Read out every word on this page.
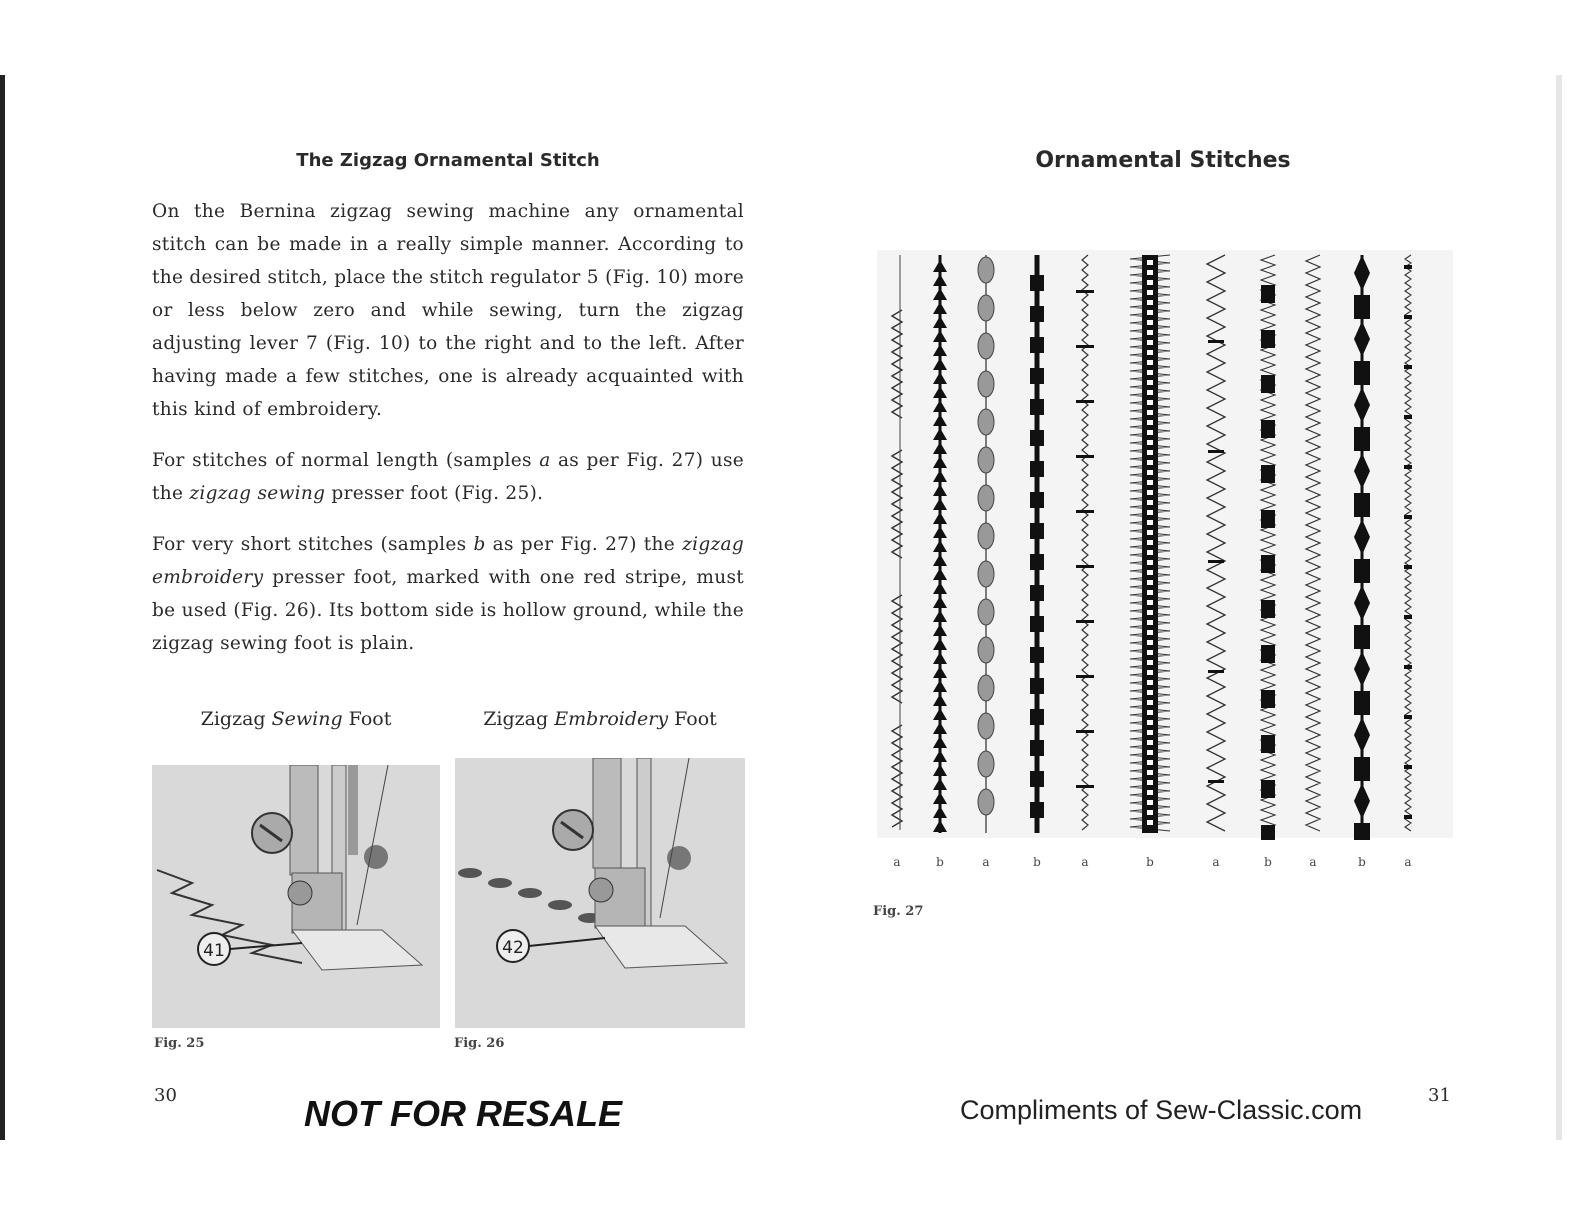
The Zigzag Ornamental Stitch

On the Bernina zigzag sewing machine any ornamental stitch can be made in a really simple manner. According to the desired stitch, place the stitch regulator 5 (Fig. 10) more or less below zero and while sewing, turn the zigzag adjusting lever 7 (Fig. 10) to the right and to the left. After having made a few stitches, one is already acquainted with this kind of embroidery.

For stitches of normal length (samples a as per Fig. 27) use the zigzag sewing presser foot (Fig. 25).

For very short stitches (samples b as per Fig. 27) the zigzag embroidery presser foot, marked with one red stripe, must be used (Fig. 26). Its bottom side is hollow ground, while the zigzag sewing foot is plain.

Zigzag Sewing Foot	Zigzag Embroidery Foot
41	42
Fig. 25	Fig. 26
30	NOT FOR RESALE
Ornamental Stitches
a	b	a	b	a	b	a	b	a	b	a
Fig. 27
Compliments of Sew-Classic.com	31
